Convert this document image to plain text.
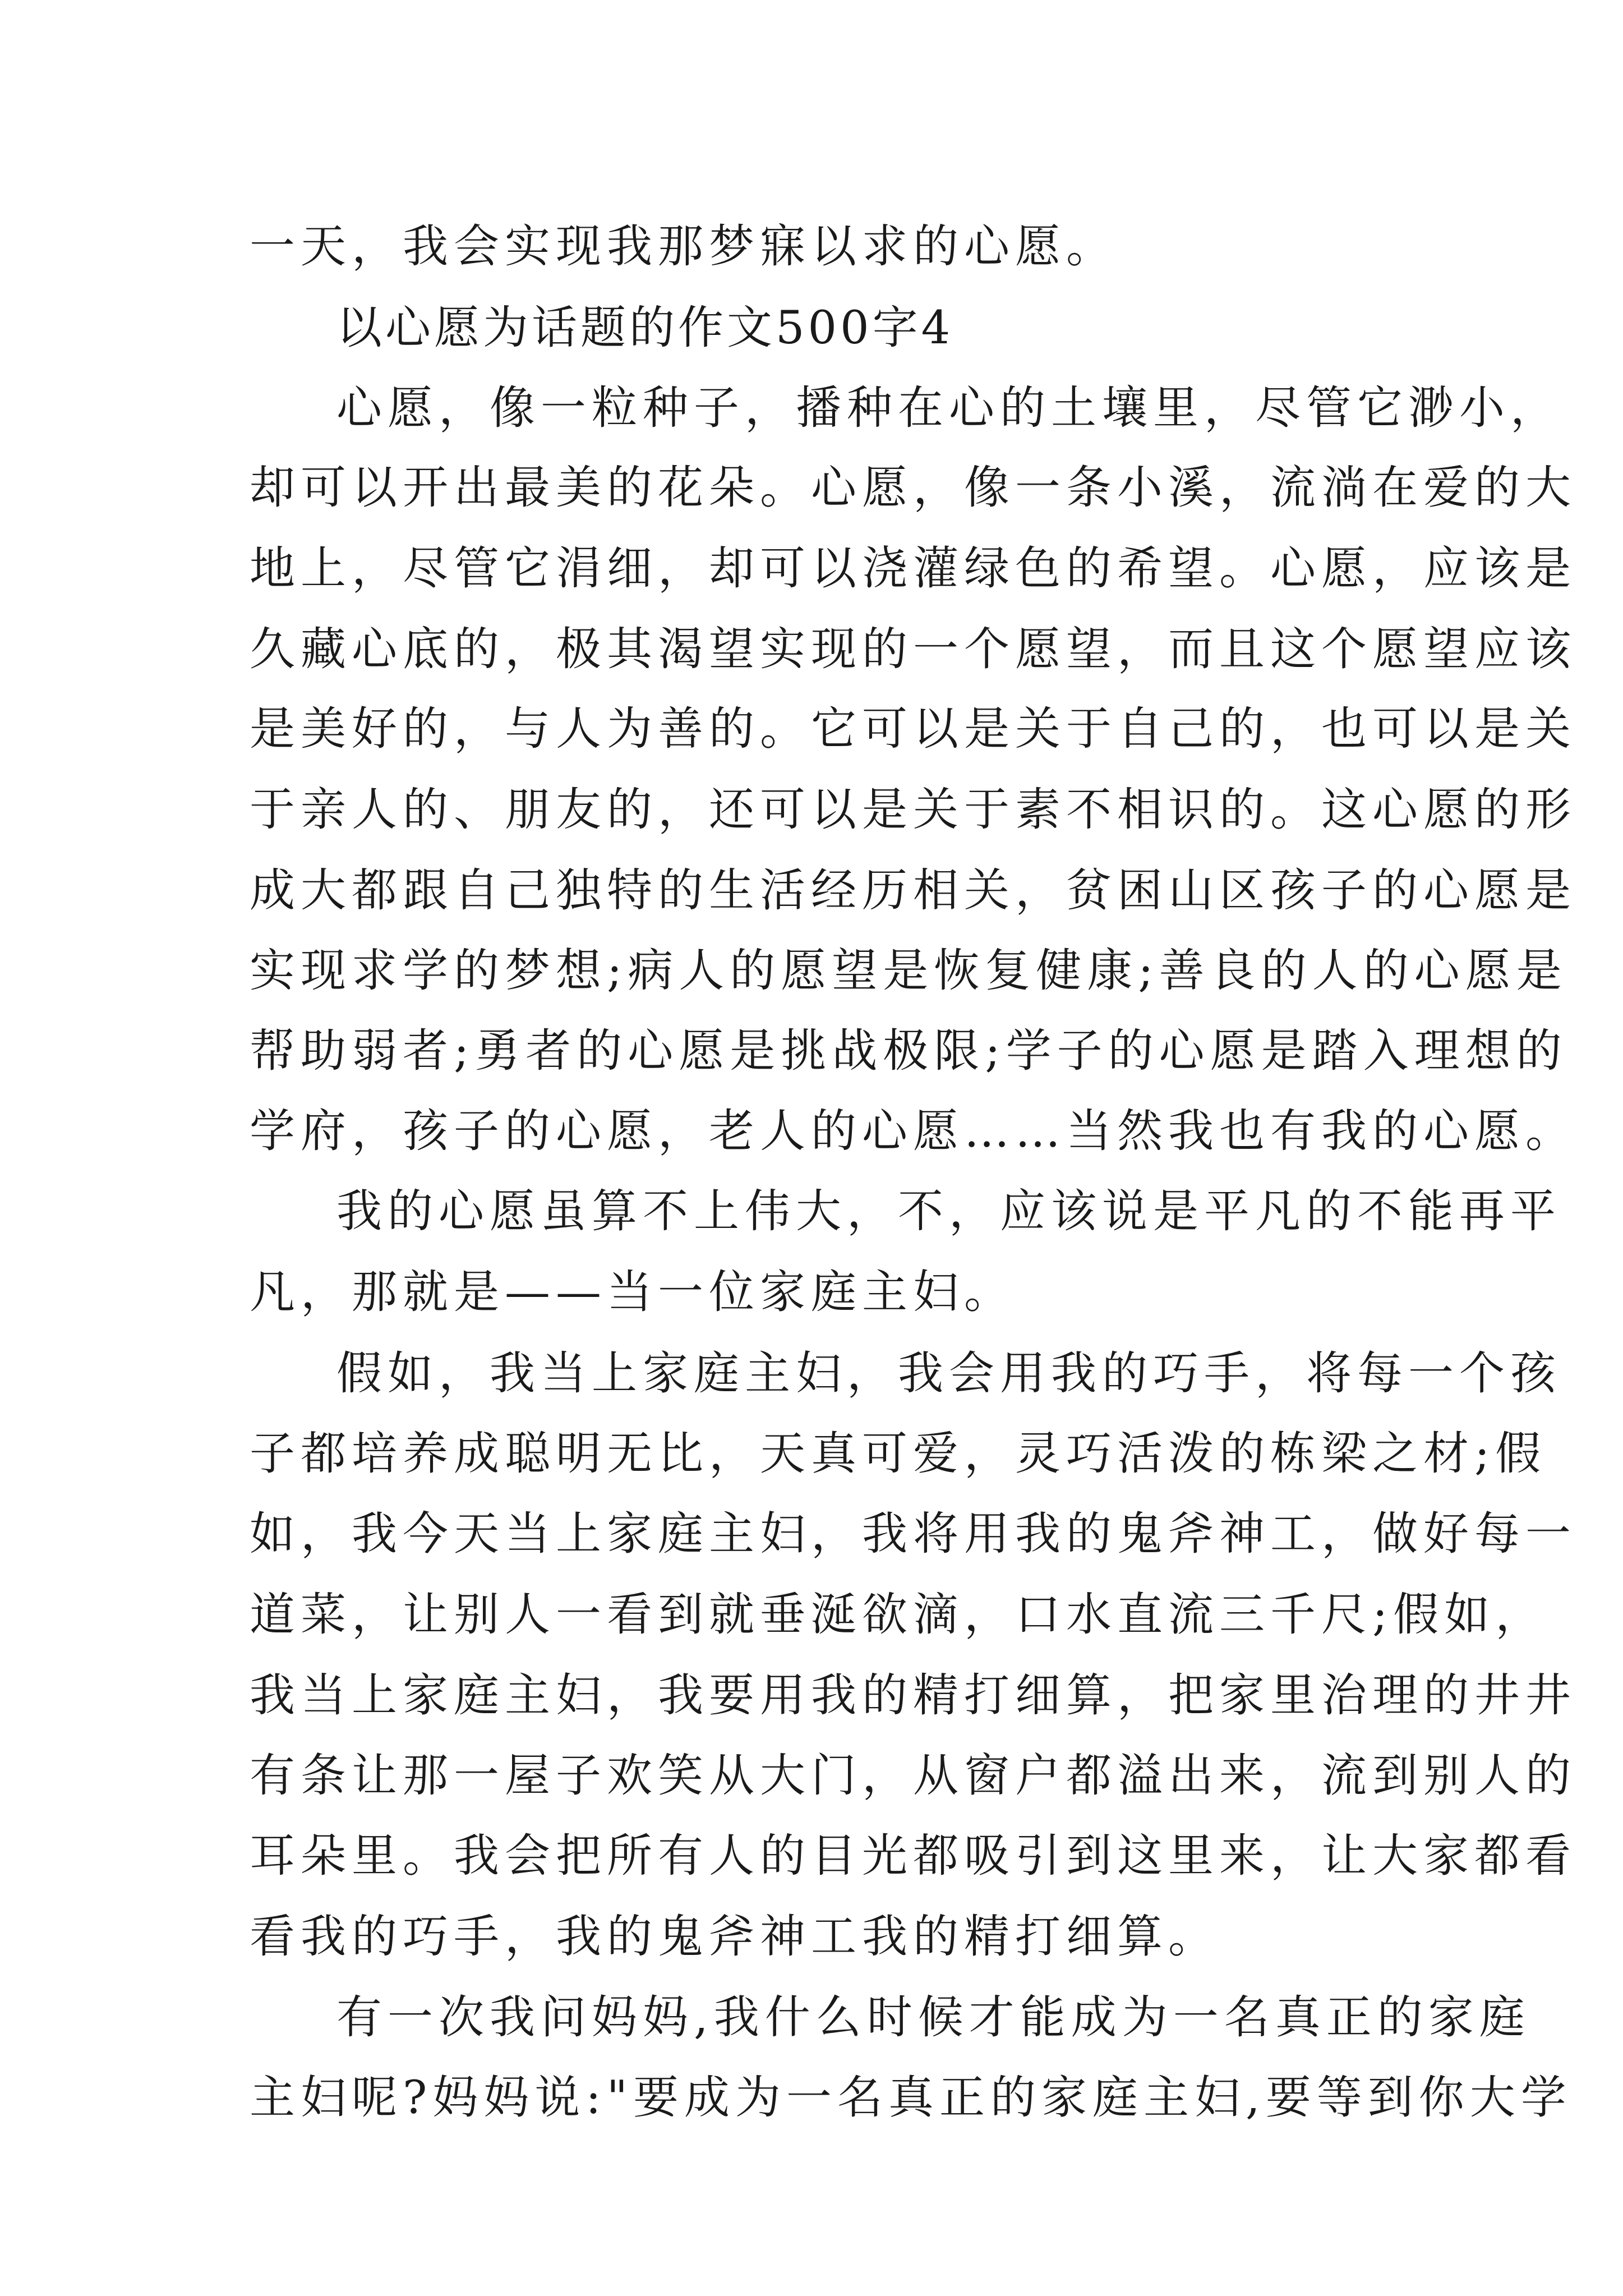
一天，我会实现我那梦寐以求的心愿。
以心愿为话题的作文500字4
心愿，像一粒种子，播种在心的土壤里，尽管它渺小，
却可以开出最美的花朵。心愿，像一条小溪，流淌在爱的大
地上，尽管它涓细，却可以浇灌绿色的希望。心愿，应该是
久藏心底的，极其渴望实现的一个愿望，而且这个愿望应该
是美好的，与人为善的。它可以是关于自己的，也可以是关
于亲人的、朋友的，还可以是关于素不相识的。这心愿的形
成大都跟自己独特的生活经历相关，贫困山区孩子的心愿是
实现求学的梦想;病人的愿望是恢复健康;善良的人的心愿是
帮助弱者;勇者的心愿是挑战极限;学子的心愿是踏入理想的
学府，孩子的心愿，老人的心愿……当然我也有我的心愿。
我的心愿虽算不上伟大，不，应该说是平凡的不能再平
凡，那就是——当一位家庭主妇。
假如，我当上家庭主妇，我会用我的巧手，将每一个孩
子都培养成聪明无比，天真可爱，灵巧活泼的栋梁之材;假
如，我今天当上家庭主妇，我将用我的鬼斧神工，做好每一
道菜，让别人一看到就垂涎欲滴，口水直流三千尺;假如，
我当上家庭主妇，我要用我的精打细算，把家里治理的井井
有条让那一屋子欢笑从大门，从窗户都溢出来，流到别人的
耳朵里。我会把所有人的目光都吸引到这里来，让大家都看
看我的巧手，我的鬼斧神工我的精打细算。
有一次我问妈妈,我什么时候才能成为一名真正的家庭
主妇呢?妈妈说:"要成为一名真正的家庭主妇,要等到你大学
